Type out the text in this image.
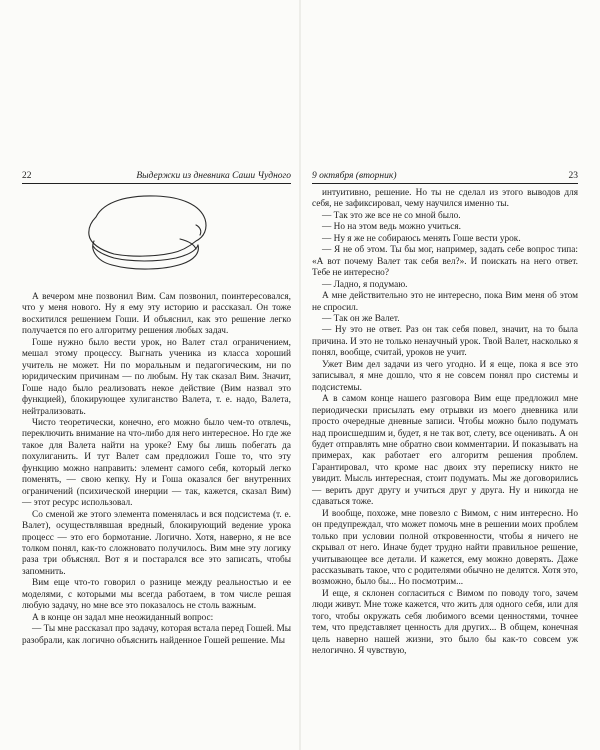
22	Выдержки из дневника Саши Чудного

А вечером мне позвонил Вим. Сам позвонил, поинтересовался, что у меня нового. Ну я ему эту историю и рассказал. Он тоже восхитился решением Гоши. И объяснил, как это решение легко получается по его алгоритму решения любых задач.

Гоше нужно было вести урок, но Валет стал ограничением, мешал этому процессу. Выгнать ученика из класса хороший учитель не может. Ни по моральным и педагогическим, ни по юридическим причинам — по любым. Ну так сказал Вим. Значит, Гоше надо было реализовать некое действие (Вим назвал это функцией), блокирующее хулиганство Валета, т. е. надо, Валета, нейтрализовать.

Чисто теоретически, конечно, его можно было чем-то отвлечь, переключить внимание на что-либо для него интересное. Но где же такое для Валета найти на уроке? Ему бы лишь побегать да похулиганить. И тут Валет сам предложил Гоше то, что эту функцию можно направить: элемент самого себя, который легко поменять, — свою кепку. Ну и Гоша оказался бег внутренних ограничений (психической инерции — так, кажется, сказал Вим) — этот ресурс использовал.

Со сменой же этого элемента поменялась и вся подсистема (т. е. Валет), осуществлявшая вредный, блокирующий ведение урока процесс — это его бормотание. Логично. Хотя, наверно, я не все толком понял, как-то сложновато получилось. Вим мне эту логику раза три объяснял. Вот я и постарался все это записать, чтобы запомнить.

Вим еще что-то говорил о разнице между реальностью и ее моделями, с которыми мы всегда работаем, в том числе решая любую задачу, но мне все это показалось не столь важным.

А в конце он задал мне неожиданный вопрос:

— Ты мне рассказал про задачу, которая встала перед Гошей. Мы разобрали, как логично объяснить найденное Гошей решение. Мы

9 октября (вторник)	23

интуитивно, решение. Но ты не сделал из этого выводов для себя, не зафиксировал, чему научился именно ты.

— Так это же все не со мной было.

— Но на этом ведь можно учиться.

— Ну я же не собираюсь менять Гоше вести урок.

— Я не об этом. Ты бы мог, например, задать себе вопрос типа: «А вот почему Валет так себя вел?». И поискать на него ответ. Тебе не интересно?

— Ладно, я подумаю.

А мне действительно это не интересно, пока Вим меня об этом не спросил.

— Так он же Валет.

— Ну это не ответ. Раз он так себя повел, значит, на то была причина. И это не только ненаучный урок. Твой Валет, насколько я понял, вообще, считай, уроков не учит.

Ужет Вим дел задачи из чего угодно. И я еще, пока я все это записывал, я мне дошло, что я не совсем понял про системы и подсистемы.

А в самом конце нашего разговора Вим еще предложил мне периодически присылать ему отрывки из моего дневника или просто очередные дневные записи. Чтобы можно было подумать над происшедшим и, будет, я не так вот, слету, все оценивать. А он будет отправлять мне обратно свои комментарии. И показывать на примерах, как работает его алгоритм решения проблем. Гарантировал, что кроме нас двоих эту переписку никто не увидит. Мысль интересная, стоит подумать. Мы же договорились — верить друг другу и учиться друг у друга. Ну и никогда не сдаваться тоже.

И вообще, похоже, мне повезло с Вимом, с ним интересно. Но он предупреждал, что может помочь мне в решении моих проблем только при условии полной откровенности, чтобы я ничего не скрывал от него. Иначе будет трудно найти правильное решение, учитывающее все детали. И кажется, ему можно доверять. Даже рассказывать такое, что с родителями обычно не делятся. Хотя это, возможно, было бы... Но посмотрим...

И еще, я склонен согласиться с Вимом по поводу того, зачем люди живут. Мне тоже кажется, что жить для одного себя, или для того, чтобы окружать себя любимого всеми ценностями, точнее тем, что представляет ценность для других... В общем, конечная цель наверно нашей жизни, это было бы как-то совсем уж нелогично. Я чувствую,
